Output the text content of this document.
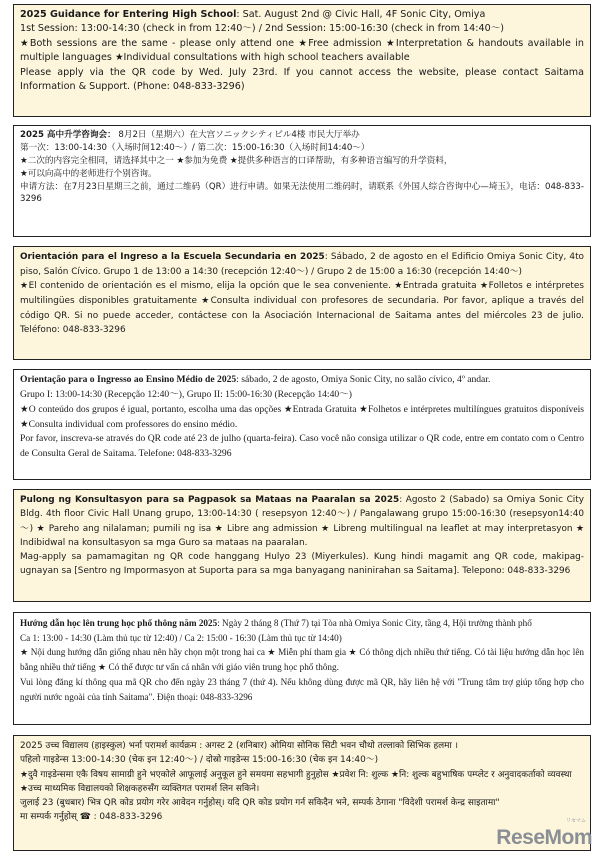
2025 Guidance for Entering High School: Sat. August 2nd @ Civic Hall, 4F Sonic City, Omiya
1st Session: 13:00-14:30 (check in from 12:40～) / 2nd Session: 15:00-16:30 (check in from 14:40～)
★Both sessions are the same - please only attend one ★Free admission ★Interpretation & handouts available in multiple languages ★Individual consultations with high school teachers available
Please apply via the QR code by Wed. July 23rd. If you cannot access the website, please contact Saitama Information & Support. (Phone: 048-833-3296)
2025 高中升学咨询会： 8月2日（星期六）在大宫ソニックシティビル4楼 市民大厅举办
第一次：13:00-14:30（入场时间12:40～）/ 第二次：15:00-16:30（入场时间14:40～）
★二次的内容完全相同，请选择其中之一 ★参加为免费 ★提供多种语言的口译帮助，有多种语言编写的升学资料，
★可以向高中的老师进行个别咨询。
申请方法：在7月23日星期三之前，通过二维码（QR）进行申请。如果无法使用二维码时，请联系《外国人综合咨询中心—埼玉》，电话：048-833-3296
Orientación para el Ingreso a la Escuela Secundaria en 2025: Sábado, 2 de agosto en el Edificio Omiya Sonic City, 4to piso, Salón Cívico. Grupo 1 de 13:00 a 14:30 (recepción 12:40～) / Grupo 2 de 15:00 a 16:30 (recepción 14:40～)
★El contenido de orientación es el mismo, elija la opción que le sea conveniente. ★Entrada gratuita ★Folletos e intérpretes multilingües disponibles gratuitamente ★Consulta individual con profesores de secundaria. Por favor, aplique a través del código QR. Si no puede acceder, contáctese con la Asociación Internacional de Saitama antes del miércoles 23 de julio. Teléfono: 048-833-3296
Orientação para o Ingresso ao Ensino Médio de 2025: sábado, 2 de agosto, Omiya Sonic City, no salão cívico, 4º andar.
Grupo I: 13:00-14:30 (Recepção 12:40～), Grupo II: 15:00-16:30 (Recepção 14:40～)
★O conteúdo dos grupos é igual, portanto, escolha uma das opções ★Entrada Gratuita ★Folhetos e intérpretes multilíngues gratuitos disponíveis ★Consulta individual com professores do ensino médio.
Por favor, inscreva-se através do QR code até 23 de julho (quarta-feira). Caso você não consiga utilizar o QR code, entre em contato com o Centro de Consulta Geral de Saitama. Telefone: 048-833-3296
Pulong ng Konsultasyon para sa Pagpasok sa Mataas na Paaralan sa 2025: Agosto 2 (Sabado) sa Omiya Sonic City Bldg. 4th floor Civic Hall Unang grupo, 13:00-14:30 ( resepsyon 12:40～) / Pangalawang grupo 15:00-16:30 (resepsyon14:40～) ★ Pareho ang nilalaman; pumili ng isa ★ Libre ang admission ★ Libreng multilingual na leaflet at may interpretasyon ★ Indibidwal na konsultasyon sa mga Guro sa mataas na paaralan.
Mag-apply sa pamamagitan ng QR code hanggang Hulyo 23 (Miyerkules). Kung hindi magamit ang QR code, makipag-ugnayan sa [Sentro ng Impormasyon at Suporta para sa mga banyagang naninirahan sa Saitama]. Telepono: 048-833-3296
Hướng dẫn học lên trung học phổ thông năm 2025: Ngày 2 tháng 8 (Thứ 7) tại Tòa nhà Omiya Sonic City, tầng 4, Hội trường thành phố
Ca 1: 13:00 - 14:30 (Làm thủ tục từ 12:40) / Ca 2: 15:00 - 16:30 (Làm thủ tục từ 14:40)
★ Nội dung hướng dẫn giống nhau nên hãy chọn một trong hai ca ★ Miễn phí tham gia ★ Có thông dịch nhiều thứ tiếng. Có tài liệu hướng dẫn học lên bằng nhiều thứ tiếng ★ Có thể được tư vấn cá nhân với giáo viên trung học phổ thông.
Vui lòng đăng kí thông qua mã QR cho đến ngày 23 tháng 7 (thứ 4). Nếu không dùng được mã QR, hãy liên hệ với "Trung tâm trợ giúp tổng hợp cho người nước ngoài của tỉnh Saitama". Điện thoại: 048-833-3296
2025 उच्च विद्यालय (हाइस्कुल) भर्ना परामर्श कार्यक्रम : अगस्ट 2 (शनिबार) ओमिया सोनिक सिटी भवन चौथो तल्लाको सिभिक हलमा ।
पहिलो गाइडेन्स 13:00-14:30 (चेक इन 12:40～) / दोस्रो गाइडेन्स 15:00-16:30 (चेक इन 14:40～)
★दुवै गाइडेन्समा एकै विषय सामाग्री हुने भएकोले आफूलाई अनुकूल हुने समयमा सहभागी हुनुहोस ★प्रवेश नि: शुल्क ★नि: शुल्क बहुभाषिक पम्प्लेट र अनुवादकर्ताको व्यवस्था ★उच्च माध्यमिक विद्यालयको शिक्षकहरुसँग व्यक्तिगत परामर्श लिन सकिने।
जुलाई 23 (बुधबार) भित्र QR कोड प्रयोग गरेर आवेदन गर्नुहोस्। यदि QR कोड प्रयोग गर्न सकिदैन भने, सम्पर्क ठेगाना "विदेशी परामर्श केन्द्र साइतामा" मा सम्पर्क गर्नुहोस् ☎ : 048-833-3296	リセマム
ReseMom
